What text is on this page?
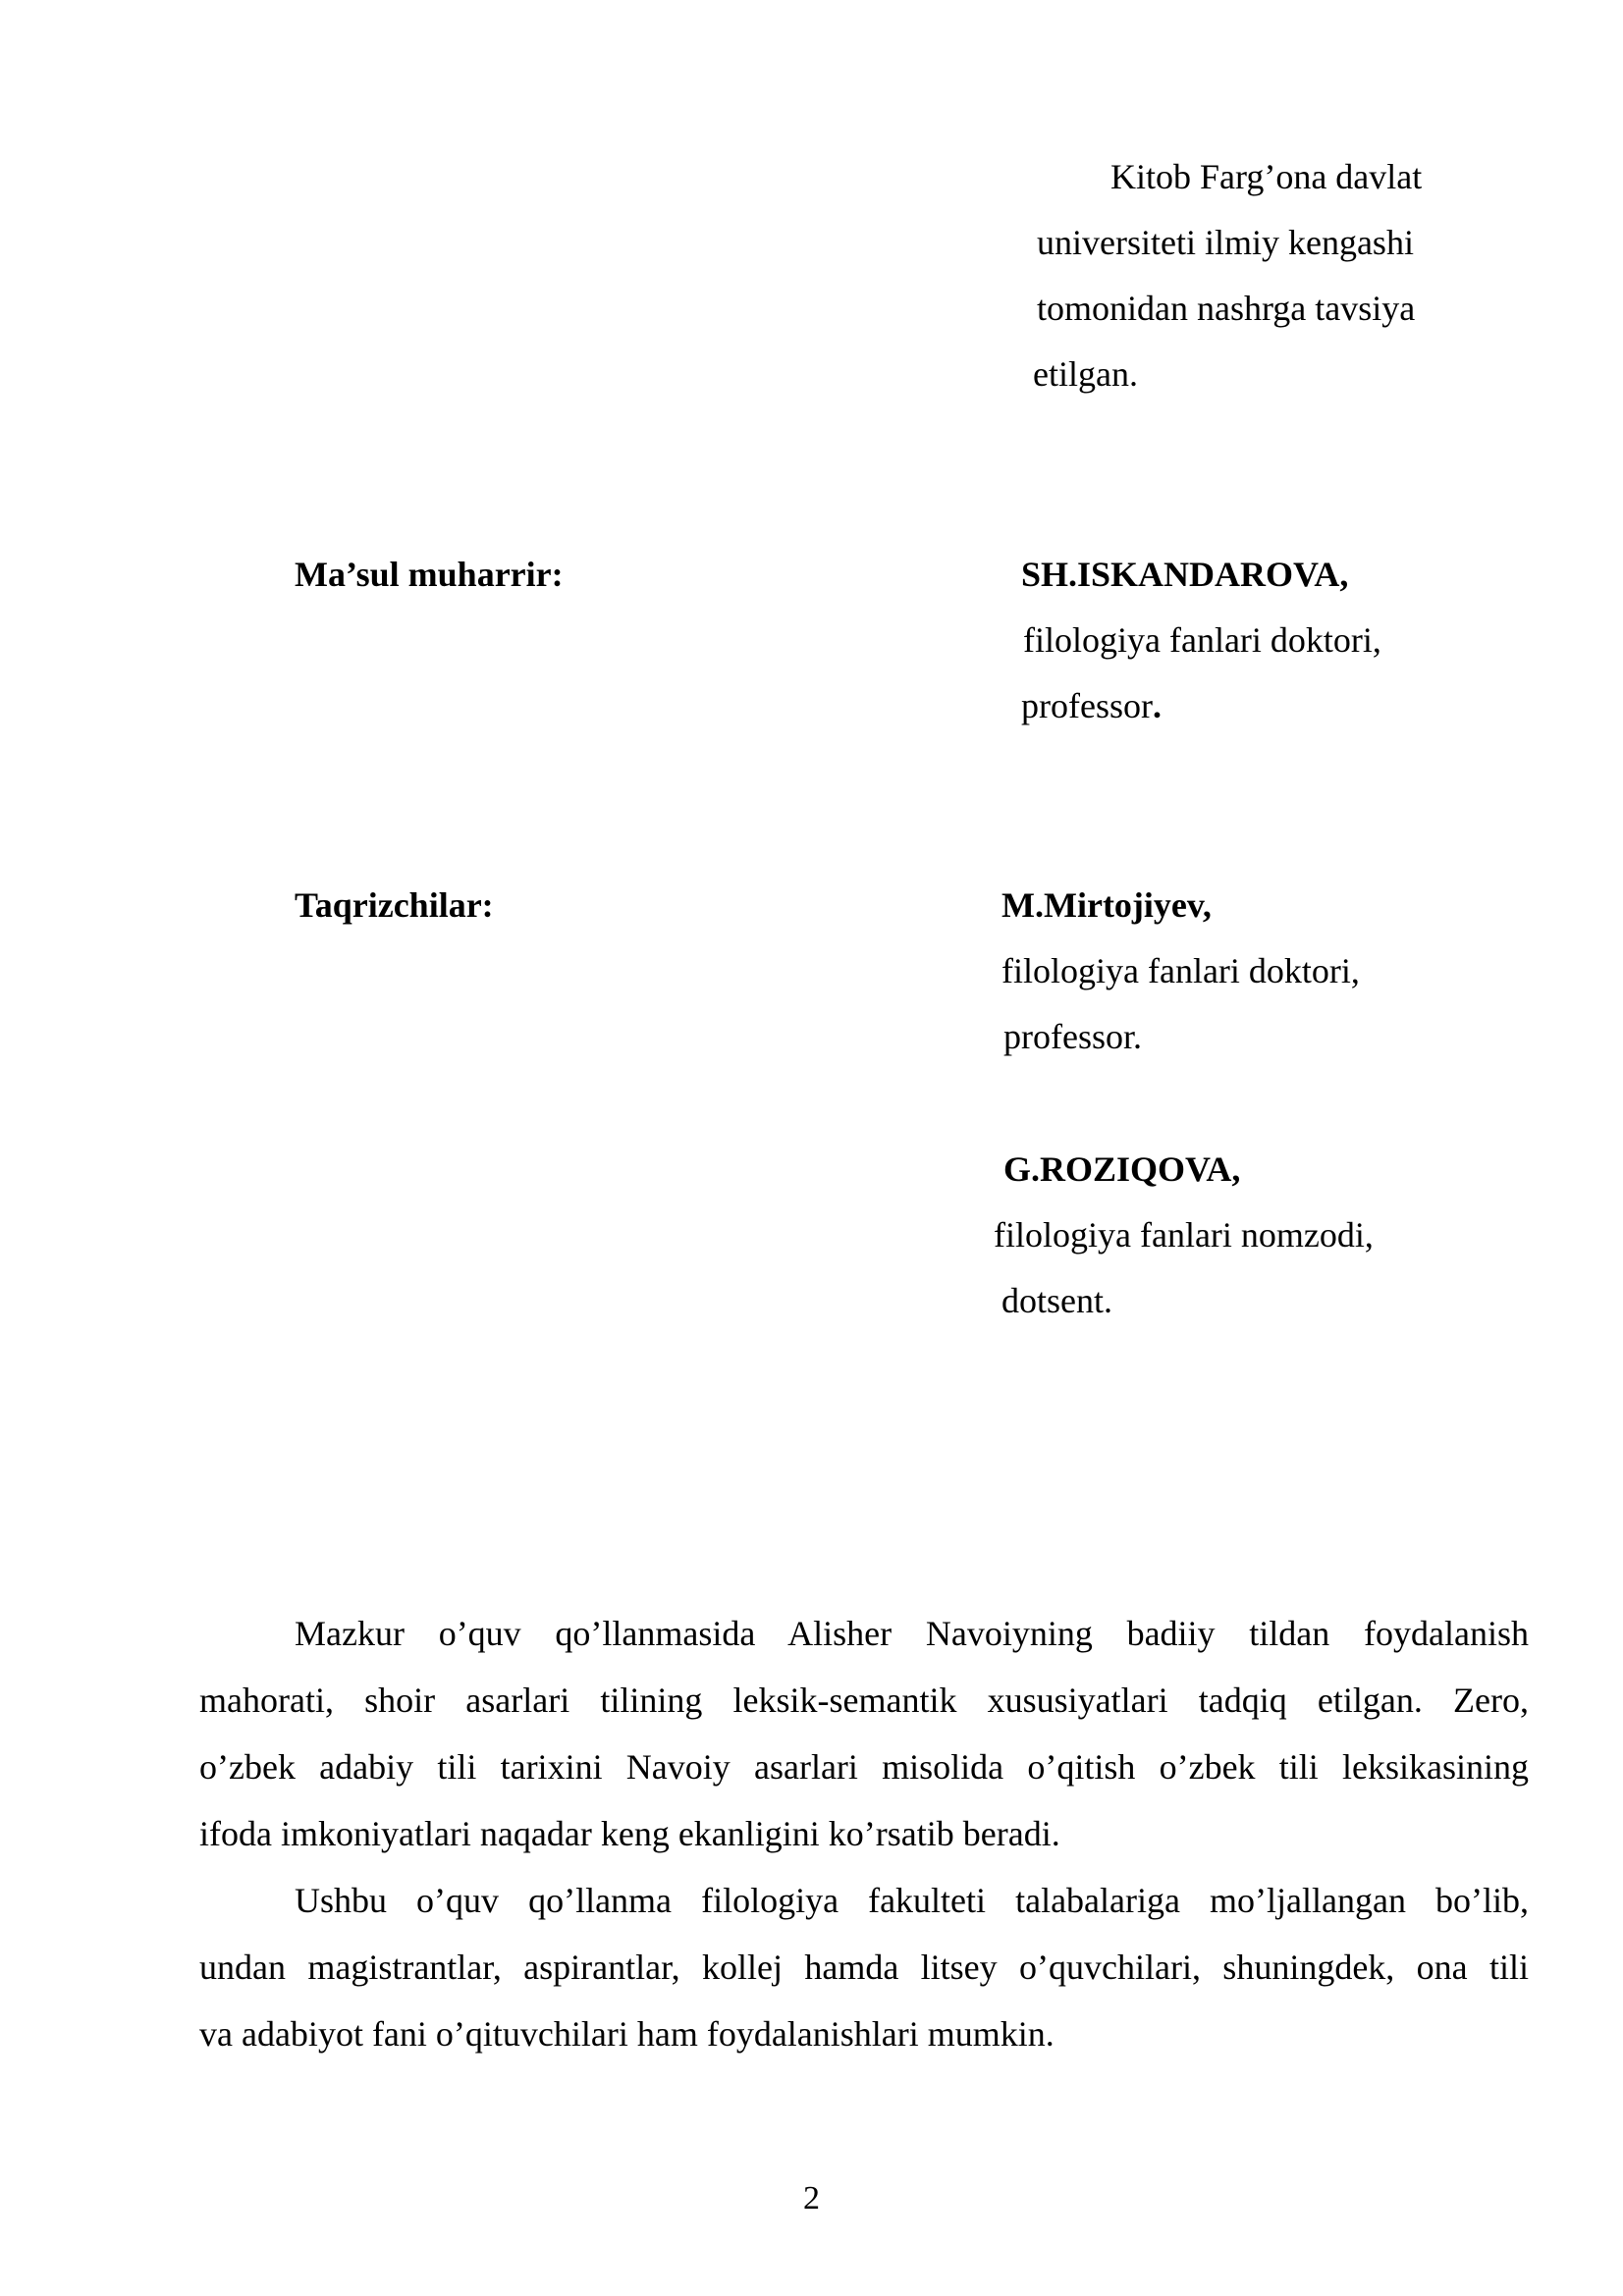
Kitob Farg’ona davlat
universiteti ilmiy kengashi
tomonidan nashrga tavsiya
etilgan.
Ma’sul muharrir:	SH.ISKANDAROVA,
filologiya fanlari doktori,
professor.
Taqrizchilar:	M.Mirtojiyev,
filologiya fanlari doktori,
professor.
G.ROZIQOVA,
filologiya fanlari nomzodi,
dotsent.
Mazkur o’quv qo’llanmasida Alisher Navoiyning badiiy tildan foydalanish
mahorati, shoir asarlari tilining leksik-semantik xususiyatlari tadqiq etilgan. Zero,
o’zbek adabiy tili tarixini Navoiy asarlari misolida o’qitish o’zbek tili leksikasining
ifoda imkoniyatlari naqadar keng ekanligini ko’rsatib beradi.
Ushbu o’quv qo’llanma filologiya fakulteti talabalariga mo’ljallangan bo’lib,
undan magistrantlar, aspirantlar, kollej hamda litsey o’quvchilari, shuningdek, ona tili
va adabiyot fani o’qituvchilari ham foydalanishlari mumkin.
2
